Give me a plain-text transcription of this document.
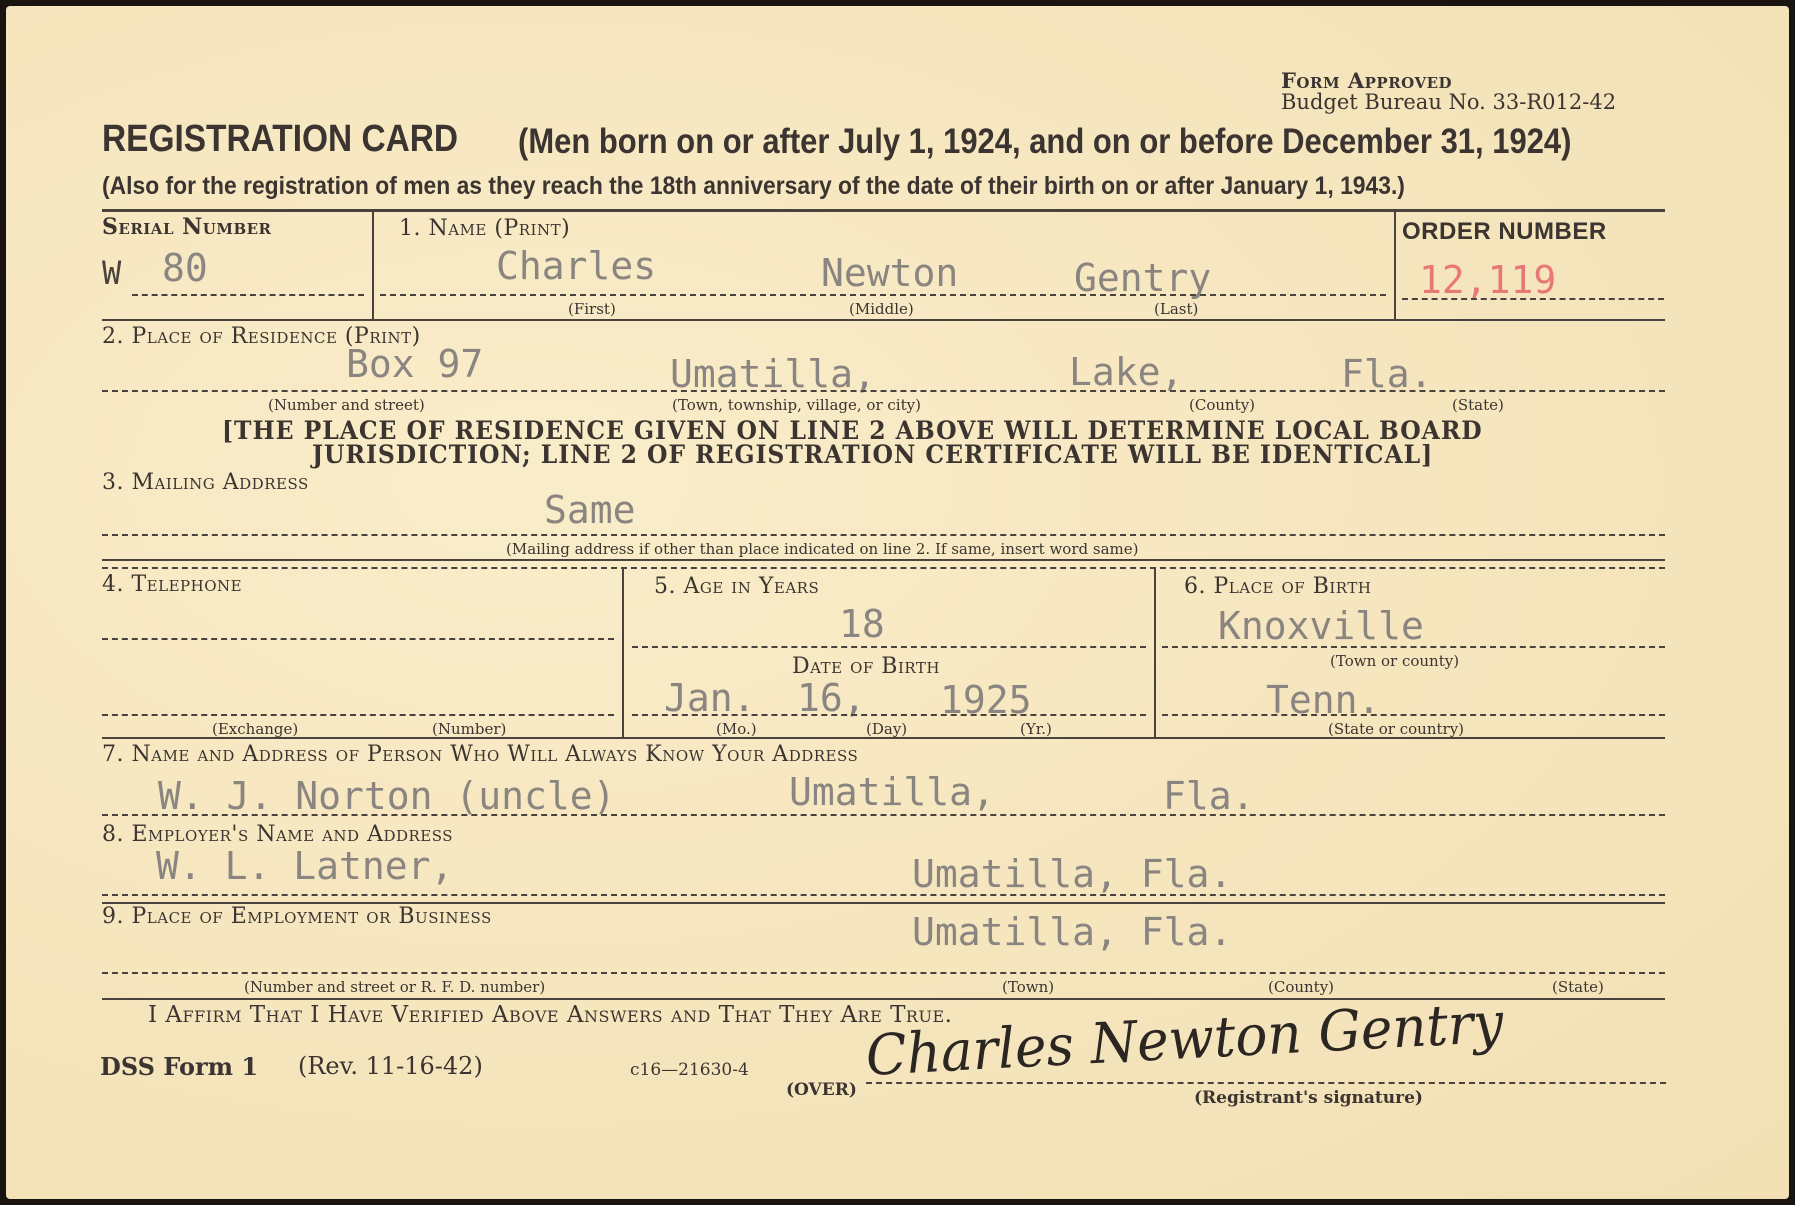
Form Approved
Budget Bureau No. 33-R012-42
REGISTRATION CARD (Men born on or after July 1, 1924, and on or before December 31, 1924)
(Also for the registration of men as they reach the 18th anniversary of the date of their birth on or after January 1, 1943.)
Serial Number
W 80
1. Name (Print)
Charles	Newton	Gentry
(First)	(Middle)	(Last)
ORDER NUMBER
12,119
2. Place of Residence (Print)
Box 97	Umatilla,	Lake,	Fla.
(Number and street)	(Town, township, village, or city)	(County)	(State)
[THE PLACE OF RESIDENCE GIVEN ON LINE 2 ABOVE WILL DETERMINE LOCAL BOARD
JURISDICTION; LINE 2 OF REGISTRATION CERTIFICATE WILL BE IDENTICAL]
3. Mailing Address
Same
(Mailing address if other than place indicated on line 2. If same, insert word same)
4. Telephone
(Exchange)	(Number)
5. Age in Years
18
Date of Birth
Jan. 16, 1925
(Mo.)	(Day)	(Yr.)
6. Place of Birth
Knoxville
(Town or county)
Tenn.
(State or country)
7. Name and Address of Person Who Will Always Know Your Address
W. J. Norton (uncle)	Umatilla,	Fla.
8. Employer's Name and Address
W. L. Latner,	Umatilla, Fla.
9. Place of Employment or Business	Umatilla, Fla.
(Number and street or R. F. D. number)	(Town)	(County)	(State)
I Affirm That I Have Verified Above Answers and That They Are True.
DSS Form 1 (Rev. 11-16-42)	c16—21630-4
(OVER)
Charles Newton Gentry
(Registrant's signature)
